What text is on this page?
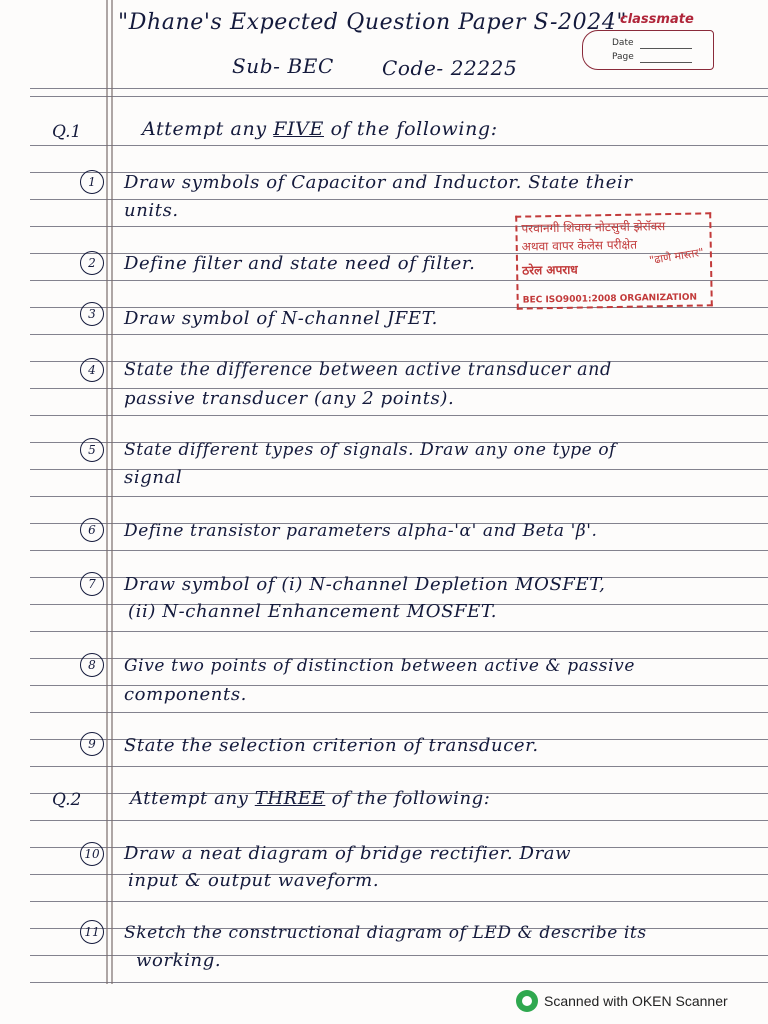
"Dhane's Expected Question Paper S-2024"
classmate
Date
Page
Sub- BEC Code- 22225
Q.1	Attempt any FIVE of the following:
1	Draw symbols of Capacitor and Inductor. State their
units.
2	Define filter and state need of filter.
3	Draw symbol of N-channel JFET.
4	State the difference between active transducer and
passive transducer (any 2 points).
5	State different types of signals. Draw any one type of
signal
6	Define transistor parameters alpha-'α' and Beta 'β'.
7	Draw symbol of (i) N-channel Depletion MOSFET,
(ii) N-channel Enhancement MOSFET.
8	Give two points of distinction between active & passive
components.
9	State the selection criterion of transducer.
Q.2	Attempt any THREE of the following:
10 Draw a neat diagram of bridge rectifier. Draw
input & output waveform.
11 Sketch the constructional diagram of LED & describe its
working.
परवानगी शिवाय नोटसुची झेरॉक्स
अथवा वापर केलेस परीक्षेत
ठरेल अपराध
"ढाणे मास्तर"
BEC ISO9001:2008 ORGANIZATION
Scanned with OKEN Scanner
